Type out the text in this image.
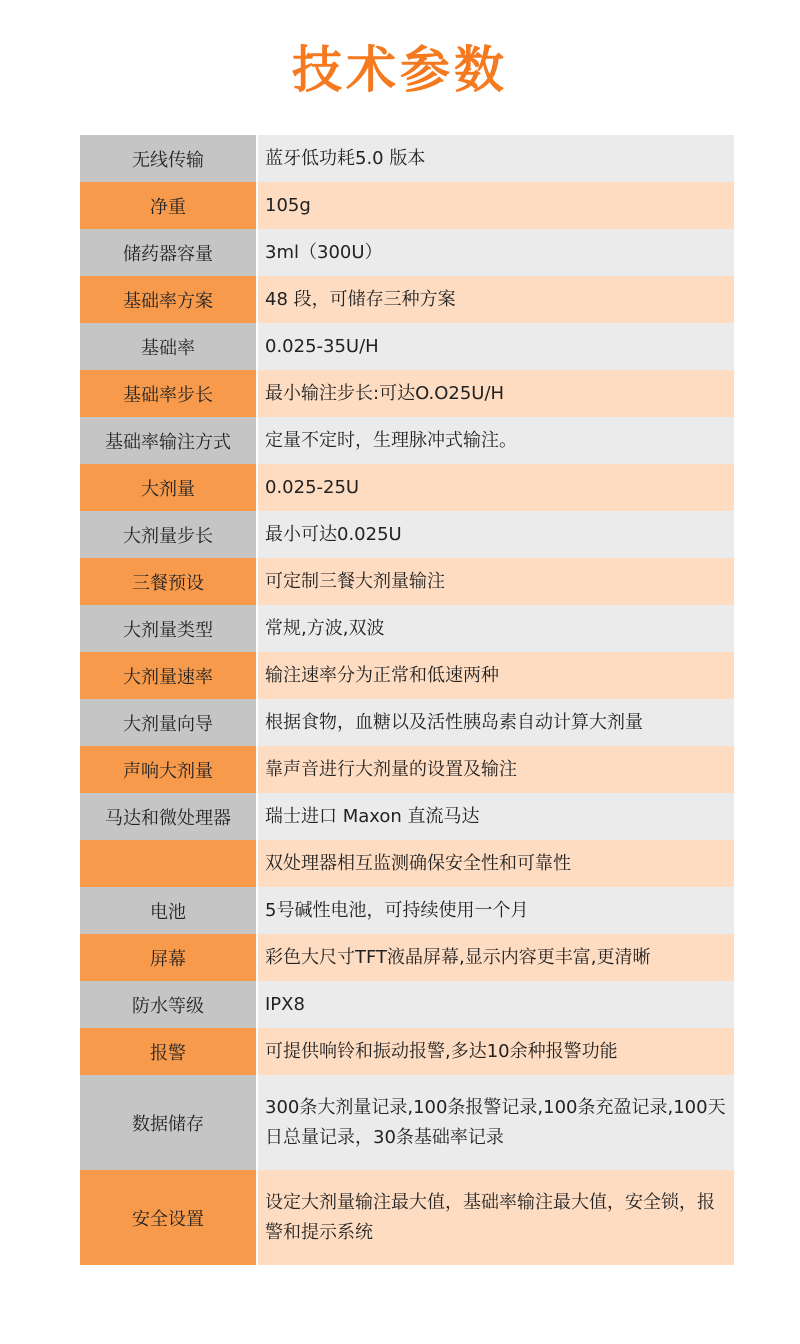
技术参数
无线传输	蓝牙低功耗5.0 版本
净重	105g
储药器容量	3ml（300U）
基础率方案	48 段，可储存三种方案
基础率	0.025-35U/H
基础率步长	最小输注步长:可达O.O25U/H
基础率输注方式	定量不定时，生理脉冲式输注。
大剂量	0.025-25U
大剂量步长	最小可达0.025U
三餐预设	可定制三餐大剂量输注
大剂量类型	常规,方波,双波
大剂量速率	输注速率分为正常和低速两种
大剂量向导	根据食物，血糖以及活性胰岛素自动计算大剂量
声响大剂量	靠声音进行大剂量的设置及输注
马达和微处理器	瑞士进口 Maxon 直流马达
	双处理器相互监测确保安全性和可靠性
电池	5号碱性电池，可持续使用一个月
屏幕	彩色大尺寸TFT液晶屏幕,显示内容更丰富,更清晰
防水等级	IPX8
报警	可提供响铃和振动报警,多达10余种报警功能
数据储存	300条大剂量记录,100条报警记录,100条充盈记录,100天日总量记录，30条基础率记录
安全设置	设定大剂量输注最大值，基础率输注最大值，安全锁，报警和提示系统
